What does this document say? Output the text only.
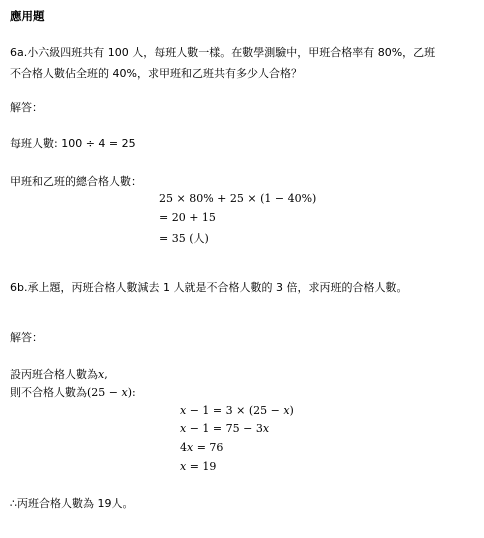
應用題
6a.小六級四班共有 100 人，每班人數一樣。在數學測驗中，甲班合格率有 80%，乙班
不合格人數佔全班的 40%，求甲班和乙班共有多少人合格？
解答：
每班人數: 100 ÷ 4 = 25
甲班和乙班的總合格人數：
25 × 80% + 25 × (1 − 40%)
= 20 + 15
= 35 (人)
6b.承上題，丙班合格人數減去 1 人就是不合格人數的 3 倍，求丙班的合格人數。
解答：
設丙班合格人數為𝑥,
則不合格人數為(25 − 𝑥):
𝑥 − 1 = 3 × (25 − 𝑥)
𝑥 − 1 = 75 − 3𝑥
4𝑥 = 76
𝑥 = 19
∴丙班合格人數為 19人。
